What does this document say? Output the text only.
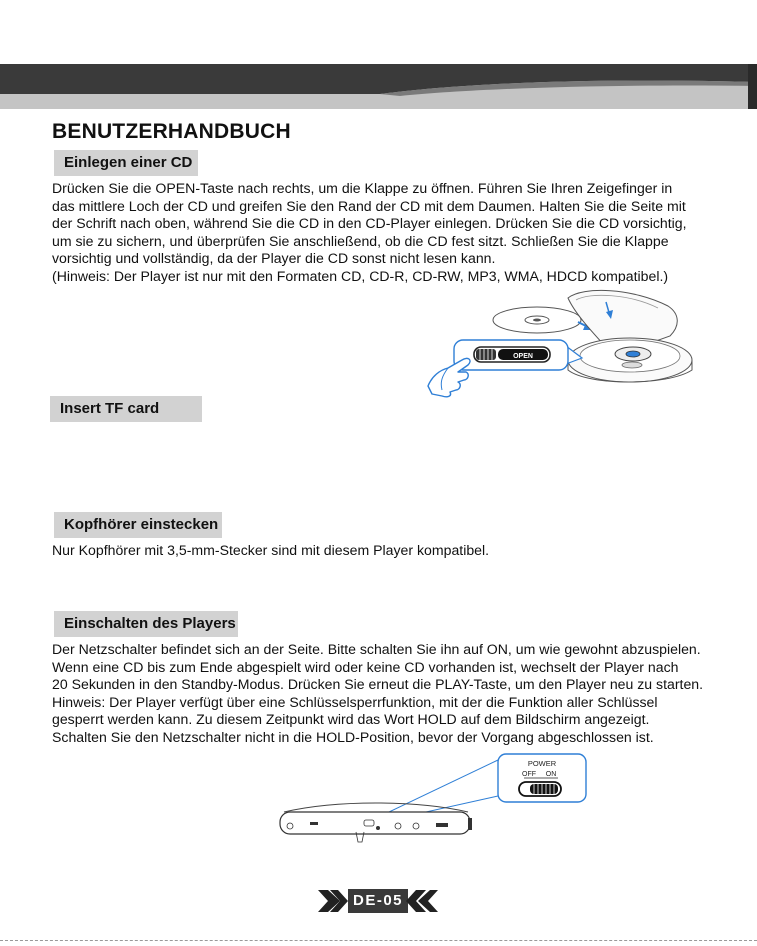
BENUTZERHANDBUCH
Einlegen einer CD
Drücken Sie die OPEN-Taste nach rechts, um die Klappe zu öffnen. Führen Sie Ihren Zeigefinger in
das mittlere Loch der CD und greifen Sie den Rand der CD mit dem Daumen. Halten Sie die Seite mit
der Schrift nach oben, während Sie die CD in den CD-Player einlegen. Drücken Sie die CD vorsichtig,
um sie zu sichern, und überprüfen Sie anschließend, ob die CD fest sitzt. Schließen Sie die Klappe
vorsichtig und vollständig, da der Player die CD sonst nicht lesen kann.
(Hinweis: Der Player ist nur mit den Formaten CD, CD-R, CD-RW, MP3, WMA, HDCD kompatibel.)
OPEN
Insert TF card
Kopfhörer einstecken
Nur Kopfhörer mit 3,5-mm-Stecker sind mit diesem Player kompatibel.
Einschalten des Players
Der Netzschalter befindet sich an der Seite. Bitte schalten Sie ihn auf ON, um wie gewohnt abzuspielen.
Wenn eine CD bis zum Ende abgespielt wird oder keine CD vorhanden ist, wechselt der Player nach
20 Sekunden in den Standby-Modus. Drücken Sie erneut die PLAY-Taste, um den Player neu zu starten.
Hinweis: Der Player verfügt über eine Schlüsselsperrfunktion, mit der die Funktion aller Schlüssel
gesperrt werden kann. Zu diesem Zeitpunkt wird das Wort HOLD auf dem Bildschirm angezeigt.
Schalten Sie den Netzschalter nicht in die HOLD-Position, bevor der Vorgang abgeschlossen ist.
POWER
OFF ON
DE-05
